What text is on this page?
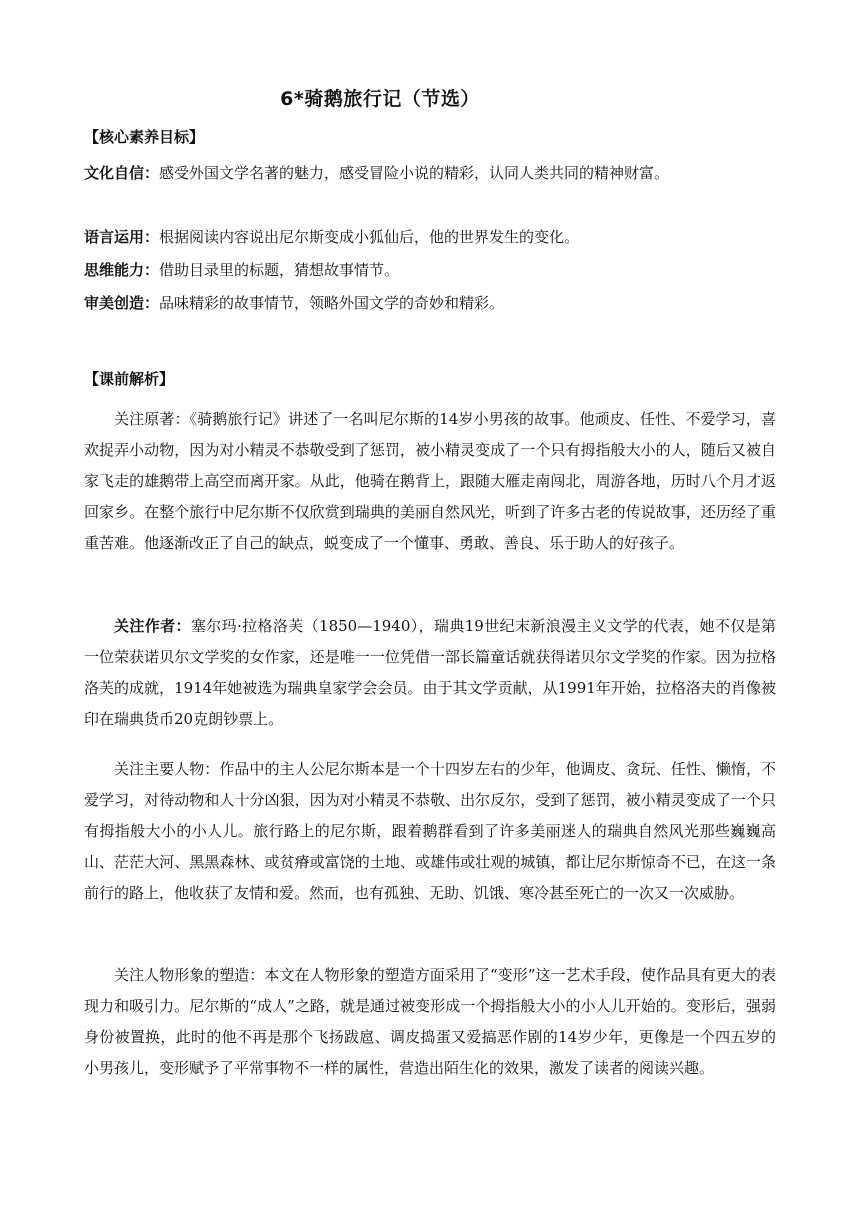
6*骑鹅旅行记（节选）
【核心素养目标】
文化自信：感受外国文学名著的魅力，感受冒险小说的精彩，认同人类共同的精神财富。
语言运用：根据阅读内容说出尼尔斯变成小狐仙后，他的世界发生的变化。
思维能力：借助目录里的标题，猜想故事情节。
审美创造：品味精彩的故事情节，领略外国文学的奇妙和精彩。
【课前解析】
关注原著：《骑鹅旅行记》讲述了一名叫尼尔斯的14岁小男孩的故事。他顽皮、任性、不爱学习，喜欢捉弄小动物，因为对小精灵不恭敬受到了惩罚，被小精灵变成了一个只有拇指般大小的人，随后又被自家飞走的雄鹅带上高空而离开家。从此，他骑在鹅背上，跟随大雁走南闯北，周游各地，历时八个月才返回家乡。在整个旅行中尼尔斯不仅欣赏到瑞典的美丽自然风光，听到了许多古老的传说故事，还历经了重重苦难。他逐渐改正了自己的缺点，蜕变成了一个懂事、勇敢、善良、乐于助人的好孩子。
关注作者：塞尔玛·拉格洛芙（1850—1940），瑞典19世纪末新浪漫主义文学的代表，她不仅是第一位荣获诺贝尔文学奖的女作家，还是唯一一位凭借一部长篇童话就获得诺贝尔文学奖的作家。因为拉格洛芙的成就，1914年她被选为瑞典皇家学会会员。由于其文学贡献，从1991年开始，拉格洛夫的肖像被印在瑞典货币20克朗钞票上。
关注主要人物：作品中的主人公尼尔斯本是一个十四岁左右的少年，他调皮、贪玩、任性、懒惰，不爱学习，对待动物和人十分凶狠，因为对小精灵不恭敬、出尔反尔，受到了惩罚，被小精灵变成了一个只有拇指般大小的小人儿。旅行路上的尼尔斯，跟着鹅群看到了许多美丽迷人的瑞典自然风光那些巍巍高山、茫茫大河、黑黑森林、或贫瘠或富饶的土地、或雄伟或壮观的城镇，都让尼尔斯惊奇不已，在这一条前行的路上，他收获了友情和爱。然而，也有孤独、无助、饥饿、寒冷甚至死亡的一次又一次威胁。
关注人物形象的塑造：本文在人物形象的塑造方面采用了“变形”这一艺术手段，使作品具有更大的表现力和吸引力。尼尔斯的“成人”之路，就是通过被变形成一个拇指般大小的小人儿开始的。变形后，强弱身份被置换，此时的他不再是那个飞扬跋扈、调皮捣蛋又爱搞恶作剧的14岁少年，更像是一个四五岁的小男孩儿，变形赋予了平常事物不一样的属性，营造出陌生化的效果，激发了读者的阅读兴趣。
